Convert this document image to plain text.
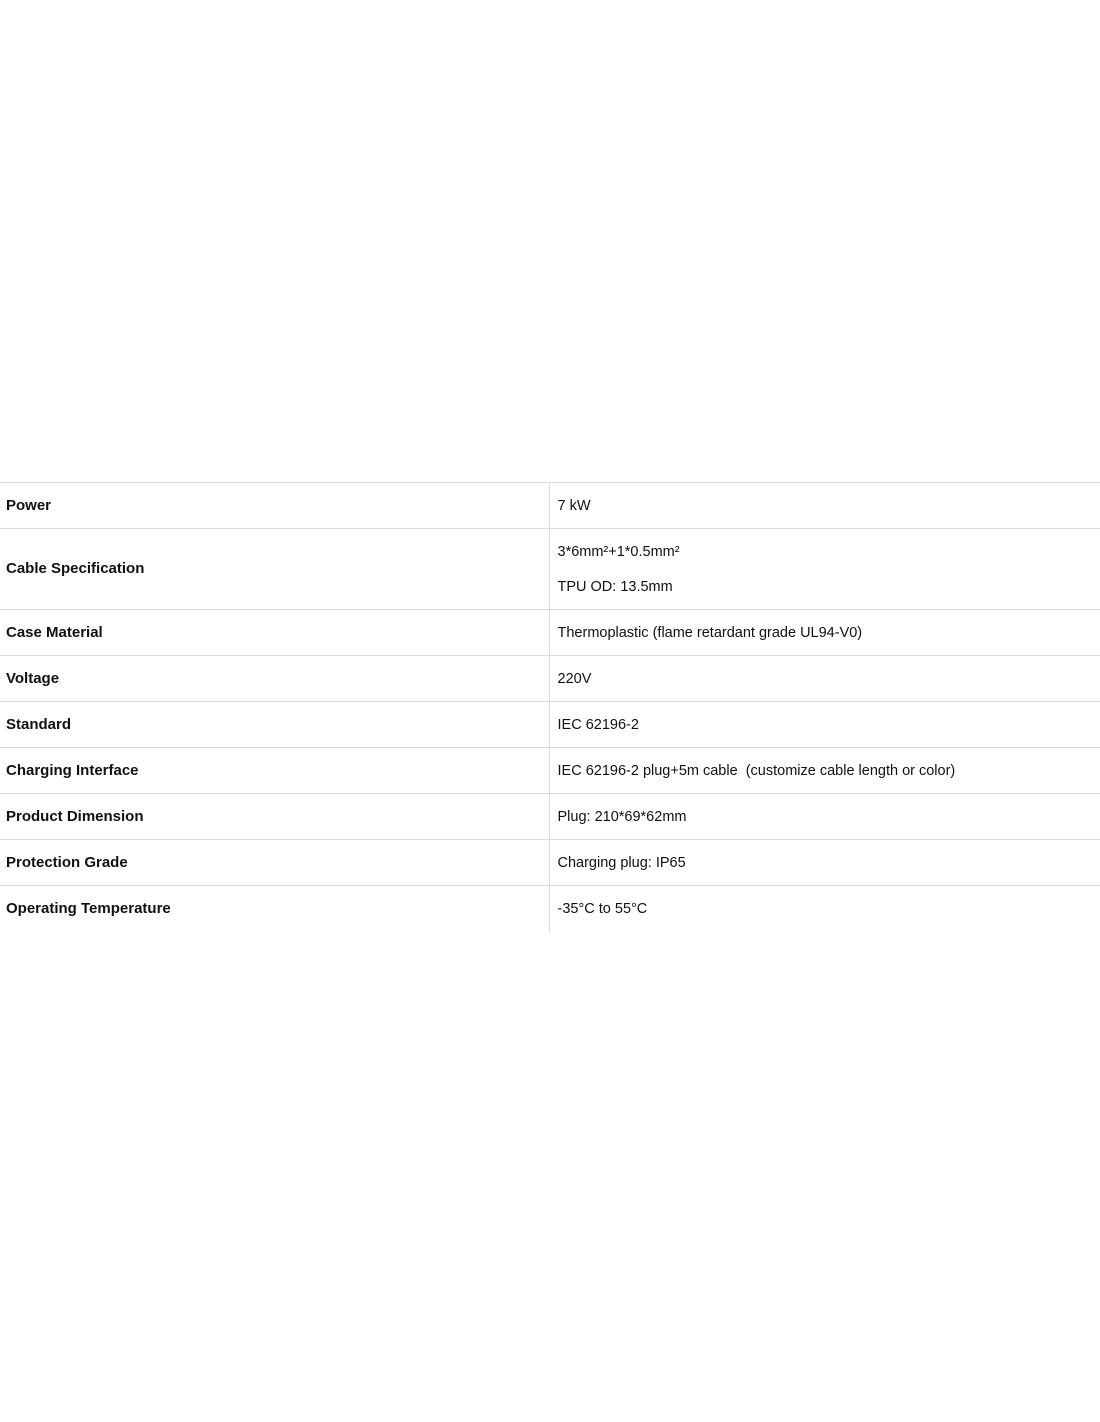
Power	7 kW

Cable Specification	3*6mm²+1*0.5mm²
TPU OD: 13.5mm

Case Material	Thermoplastic (flame retardant grade UL94-V0)

Voltage	220V

Standard	IEC 62196-2

Charging Interface	IEC 62196-2 plug+5m cable  (customize cable length or color)

Product Dimension	Plug: 210*69*62mm

Protection Grade	Charging plug: IP65

Operating Temperature	-35°C to 55°C
